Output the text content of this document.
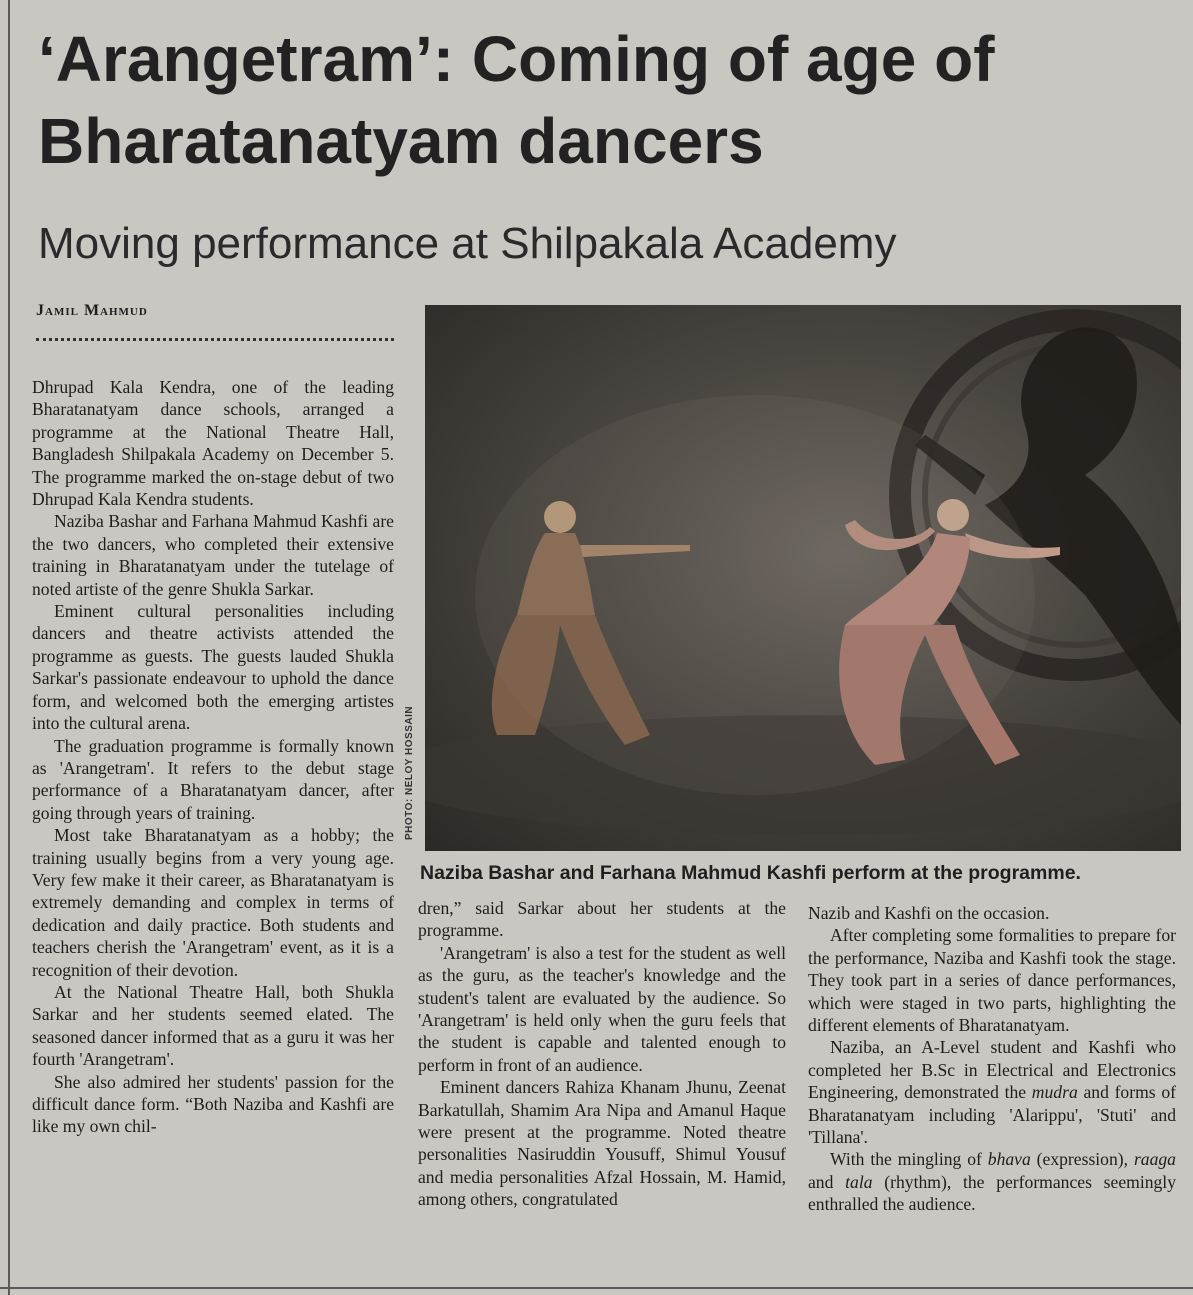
‘Arangetram’: Coming of age of
Bharatanatyam dancers
Moving performance at Shilpakala Academy
Jamil Mahmud

Dhrupad Kala Kendra, one of the leading Bharatanatyam dance schools, arranged a programme at the National Theatre Hall, Bangladesh Shilpakala Academy on December 5. The programme marked the on-stage debut of two Dhrupad Kala Kendra students.

Naziba Bashar and Farhana Mahmud Kashfi are the two dancers, who completed their extensive training in Bharatanatyam under the tutelage of noted artiste of the genre Shukla Sarkar.

Eminent cultural personalities including dancers and theatre activists attended the programme as guests. The guests lauded Shukla Sarkar's passionate endeavour to uphold the dance form, and welcomed both the emerging artistes into the cultural arena.

The graduation programme is formally known as 'Arangetram'. It refers to the debut stage performance of a Bharatanatyam dancer, after going through years of training.

Most take Bharatanatyam as a hobby; the training usually begins from a very young age. Very few make it their career, as Bharatanatyam is extremely demanding and complex in terms of dedication and daily practice. Both students and teachers cherish the 'Arangetram' event, as it is a recognition of their devotion.

At the National Theatre Hall, both Shukla Sarkar and her students seemed elated. The seasoned dancer informed that as a guru it was her fourth 'Arangetram'.

She also admired her students' passion for the difficult dance form. “Both Naziba and Kashfi are like my own chil-

PHOTO: NELOY HOSSAIN

Naziba Bashar and Farhana Mahmud Kashfi perform at the programme.

dren,” said Sarkar about her students at the programme.

'Arangetram' is also a test for the student as well as the guru, as the teacher's knowledge and the student's talent are evaluated by the audience. So 'Arangetram' is held only when the guru feels that the student is capable and talented enough to perform in front of an audience.

Eminent dancers Rahiza Khanam Jhunu, Zeenat Barkatullah, Shamim Ara Nipa and Amanul Haque were present at the programme. Noted theatre personalities Nasiruddin Yousuff, Shimul Yousuf and media personalities Afzal Hossain, M. Hamid, among others, congratulated

Nazib and Kashfi on the occasion.

After completing some formalities to prepare for the performance, Naziba and Kashfi took the stage. They took part in a series of dance performances, which were staged in two parts, highlighting the different elements of Bharatanatyam.

Naziba, an A-Level student and Kashfi who completed her B.Sc in Electrical and Electronics Engineering, demonstrated the mudra and forms of Bharatanatyam including 'Alarippu', 'Stuti' and 'Tillana'.

With the mingling of bhava (expression), raaga and tala (rhythm), the performances seemingly enthralled the audience.
